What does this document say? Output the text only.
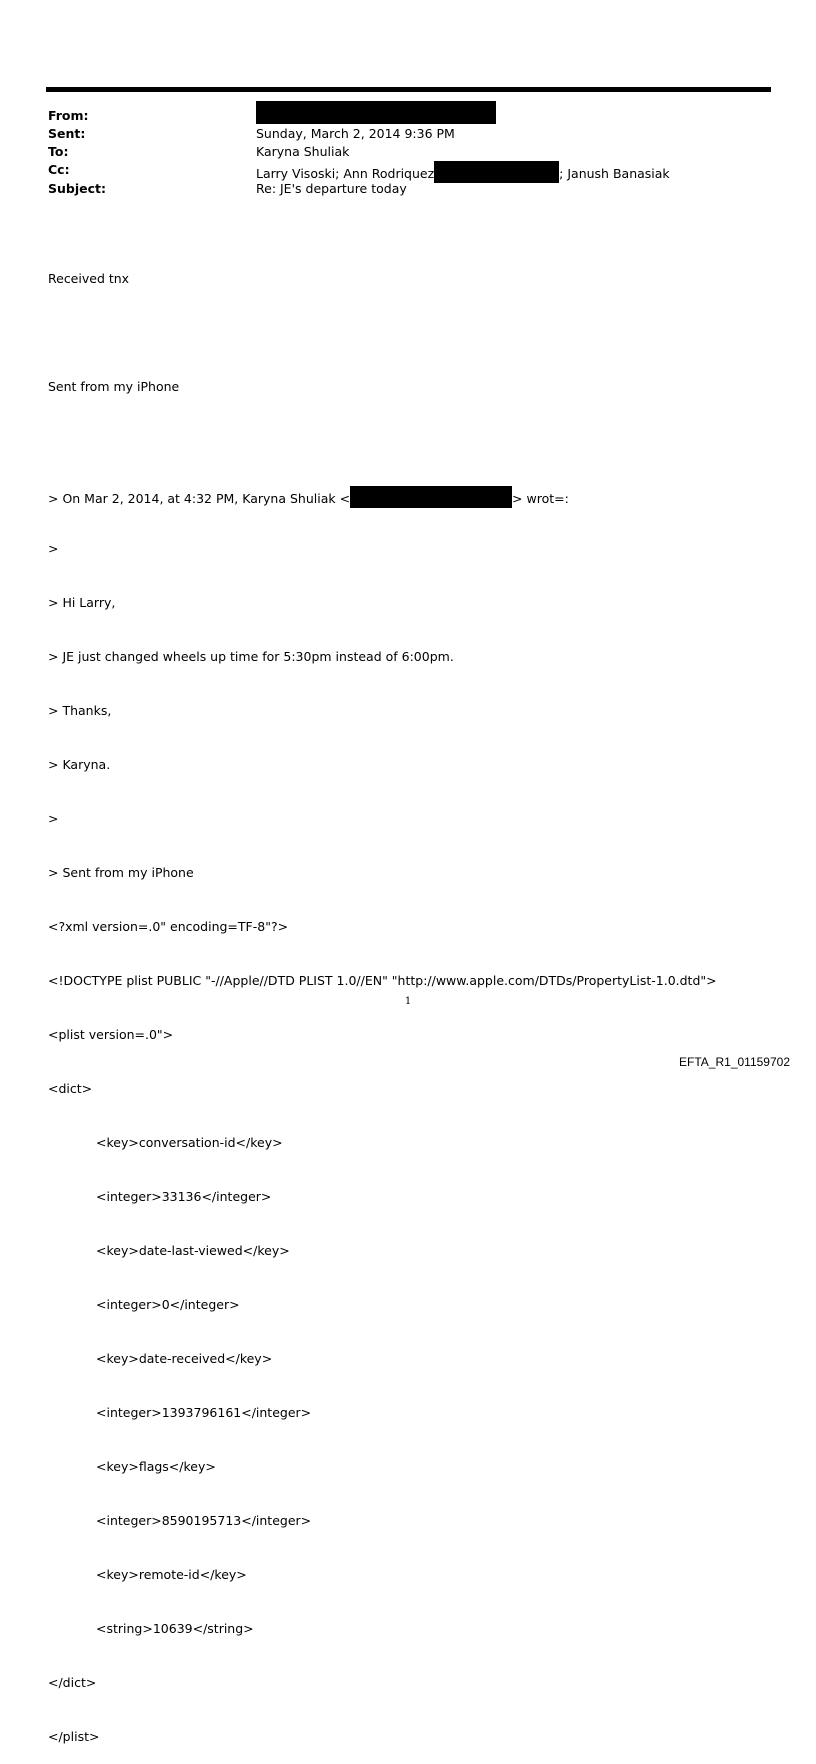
From:
Sent:	Sunday, March 2, 2014 9:36 PM
To:	Karyna Shuliak
Cc:	Larry Visoski; Ann Rodriquez	; Janush Banasiak
Subject:	Re: JE's departure today

Received tnx

Sent from my iPhone

> On Mar 2, 2014, at 4:32 PM, Karyna Shuliak <	> wrot=:

>

> Hi Larry,

> JE just changed wheels up time for 5:30pm instead of 6:00pm.

> Thanks,

> Karyna.

>

> Sent from my iPhone

<?xml version=.0" encoding=TF-8"?>

<!DOCTYPE plist PUBLIC "-//Apple//DTD PLIST 1.0//EN" "http://www.apple.com/DTDs/PropertyList-1.0.dtd">

<plist version=.0">

<dict>

<key>conversation-id</key>

<integer>33136</integer>

<key>date-last-viewed</key>

<integer>0</integer>

<key>date-received</key>

<integer>1393796161</integer>

<key>flags</key>

<integer>8590195713</integer>

<key>remote-id</key>

<string>10639</string>

</dict>

</plist>

1
EFTA_R1_01159702
